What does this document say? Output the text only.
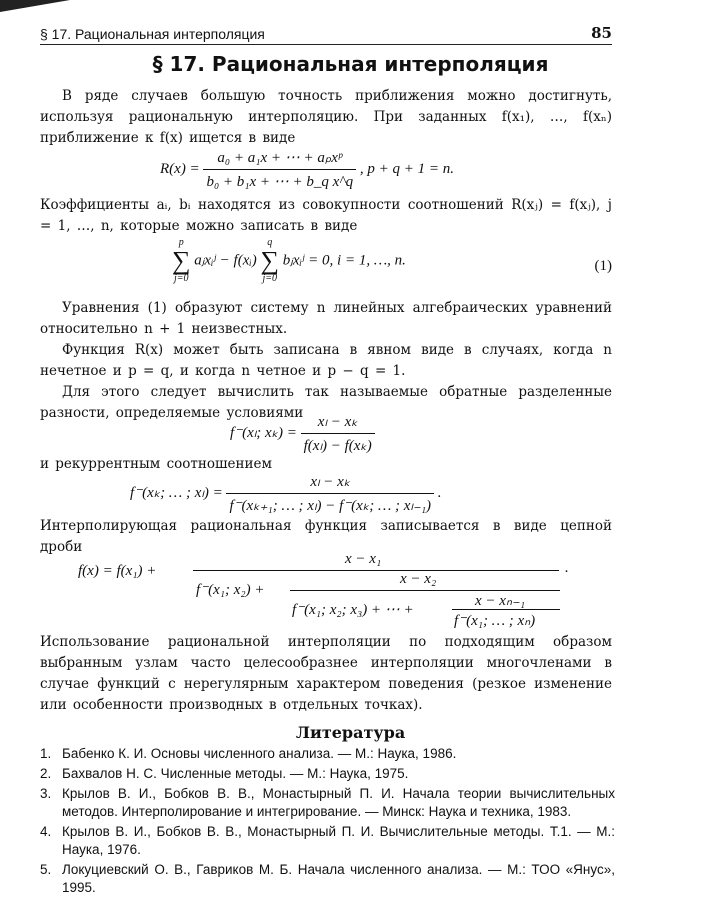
§ 17. Рациональная интерполяция	85
§ 17. Рациональная интерполяция
В ряде случаев большую точность приближения можно достигнуть, используя рациональную интерполяцию. При заданных f(x₁), …, f(xₙ) приближение к f(x) ищется в виде
$R(x) = \frac{\text{a₀ + a₁x + ⋯ + aₚxᵖ}}{\text{b₀ + b₁x + ⋯ + b\_q x\textasciicircum{}q}}$ , p + q + 1 = n.
Коэффициенты aᵢ, bᵢ находятся из совокупности соотношений R(xⱼ) = f(xⱼ), j = 1, …, n, которые можно записать в виде
p
∑
j=0
aⱼxᵢʲ − f(xᵢ)
q
∑
j=0
bⱼxᵢʲ = 0, i = 1, …, n.	(1)
Уравнения (1) образуют систему n линейных алгебраических уравнений относительно n + 1 неизвестных.
Функция R(x) может быть записана в явном виде в случаях, когда n нечетное и p = q, и когда n четное и p − q = 1.
Для этого следует вычислить так называемые обратные разделенные разности, определяемые условиями
f⁻(xₗ; $x_k) = \frac{\text{xₗ − xₖ}}{\text{f(xₗ) − f(xₖ)}}$
и рекуррентным соотношением
f⁻(xₖ; … ; $x_l) = \frac{\text{xₗ − xₖ}}{\text{f⁻(xₖ₊₁; … ; xₗ) − f⁻(xₖ; … ; xₗ₋₁)}}$ .
Интерполирующая рациональная функция записывается в виде цепной дроби
f(x) = f(x₁) +
x − x₁
.
f⁻(x₁; x₂) +
x − x₂
f⁻(x₁; x₂; x₃) + ⋯ +
x − xₙ₋₁
f⁻(x₁; … ; xₙ)
Использование рациональной интерполяции по подходящим образом выбранным узлам часто целесообразнее интерполяции многочленами в случае функций с нерегулярным характером поведения (резкое изменение или особенности производных в отдельных точках).
Литература
1. Бабенко К. И. Основы численного анализа. — М.: Наука, 1986.
2. Бахвалов Н. С. Численные методы. — М.: Наука, 1975.
3. Крылов В. И., Бобков В. В., Монастырный П. И. Начала теории вычислительных методов. Интерполирование и интегрирование. — Минск: Наука и техника, 1983.
4. Крылов В. И., Бобков В. В., Монастырный П. И. Вычислительные методы. Т.1. — М.: Наука, 1976.
5. Локуциевский О. В., Гавриков М. Б. Начала численного анализа. — М.: ТОО «Янус», 1995.
